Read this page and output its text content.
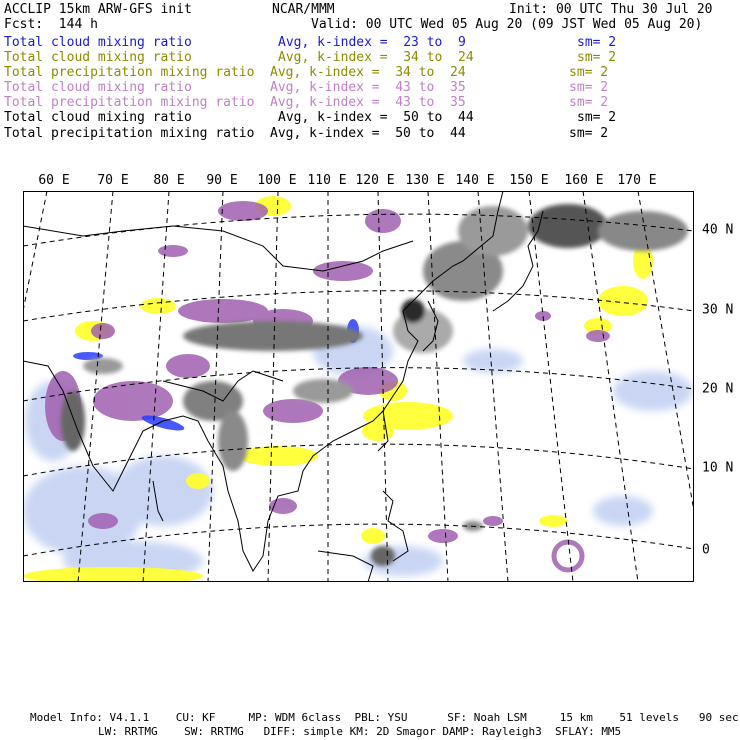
ACCLIP 15km ARW-GFS init	NCAR/MMM	Init: 00 UTC Thu 30 Jul 20
Fcst:  144 h	Valid: 00 UTC Wed 05 Aug 20 (09 JST Wed 05 Aug 20)
Total cloud mixing ratio	Avg, k-index =  23 to  9	sm= 2
Total cloud mixing ratio	Avg, k-index =  34 to  24	sm= 2
Total precipitation mixing ratio Avg, k-index =  34 to  24	sm= 2
Total cloud mixing ratio	Avg, k-index =  43 to  35	sm= 2
Total precipitation mixing ratio Avg, k-index =  43 to  35	sm= 2
Total cloud mixing ratio	Avg, k-index =  50 to  44	sm= 2
Total precipitation mixing ratio Avg, k-index =  50 to  44	sm= 2
60 E 70 E 80 E 90 E 100 E 110 E 120 E 130 E 140 E 150 E 160 E 170 E
40 N
30 N
20 N
10 N
0
Model Info: V4.1.1    CU: KF     MP: WDM 6class  PBL: YSU      SF: Noah LSM     15 km    51 levels   90 sec
LW: RRTMG    SW: RRTMG   DIFF: simple KM: 2D Smagor DAMP: Rayleigh3  SFLAY: MM5
